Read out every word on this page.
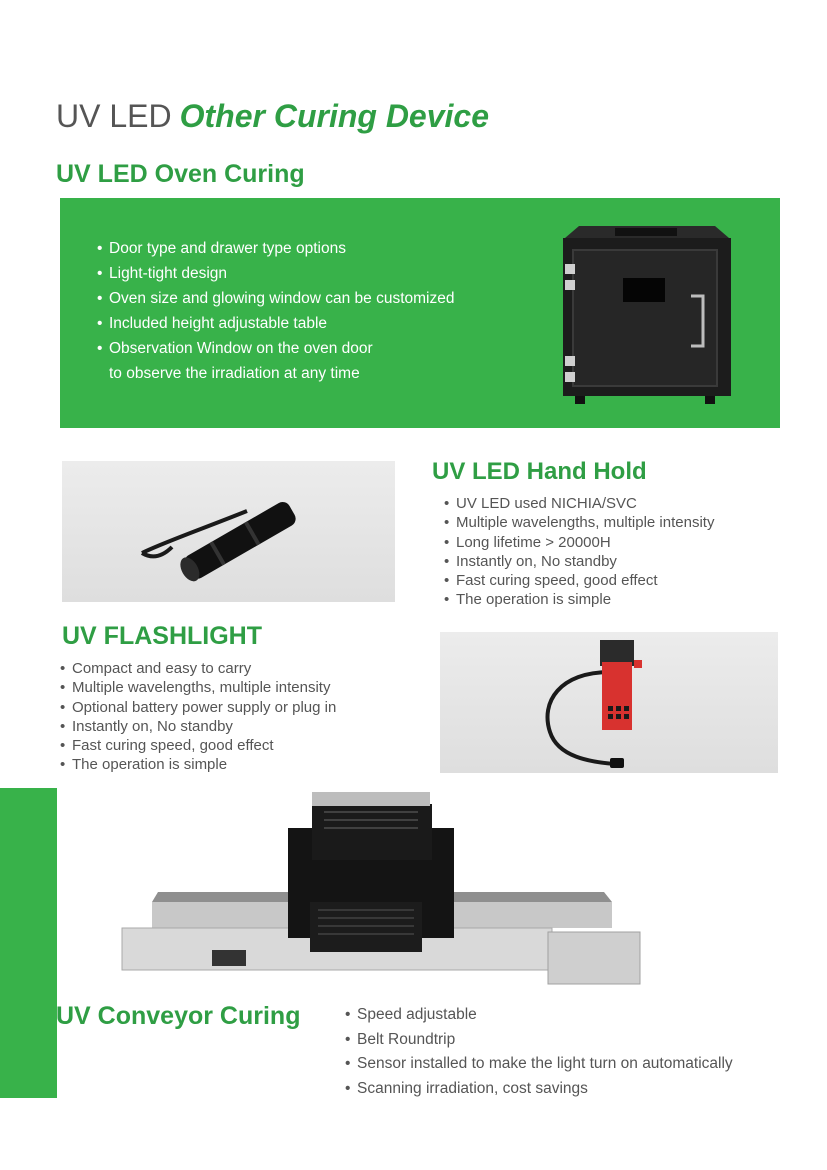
UV LED Other Curing Device
UV LED Oven Curing
• Door type and drawer type options
• Light-tight design
• Oven size and glowing window can be customized
• Included height adjustable table
• Observation Window on the oven door
to observe the irradiation at any time
UV LED Hand Hold
• UV LED used NICHIA/SVC
• Multiple wavelengths, multiple intensity
• Long lifetime > 20000H
• Instantly on, No standby
• Fast curing speed, good effect
• The operation is simple
UV FLASHLIGHT
• Compact and easy to carry
• Multiple wavelengths, multiple intensity
• Optional battery power supply or plug in
• Instantly on, No standby
• Fast curing speed, good effect
• The operation is simple
UV Conveyor Curing
•	Speed adjustable
• Belt Roundtrip
• Sensor installed to make the light turn on automatically
• Scanning irradiation, cost savings
